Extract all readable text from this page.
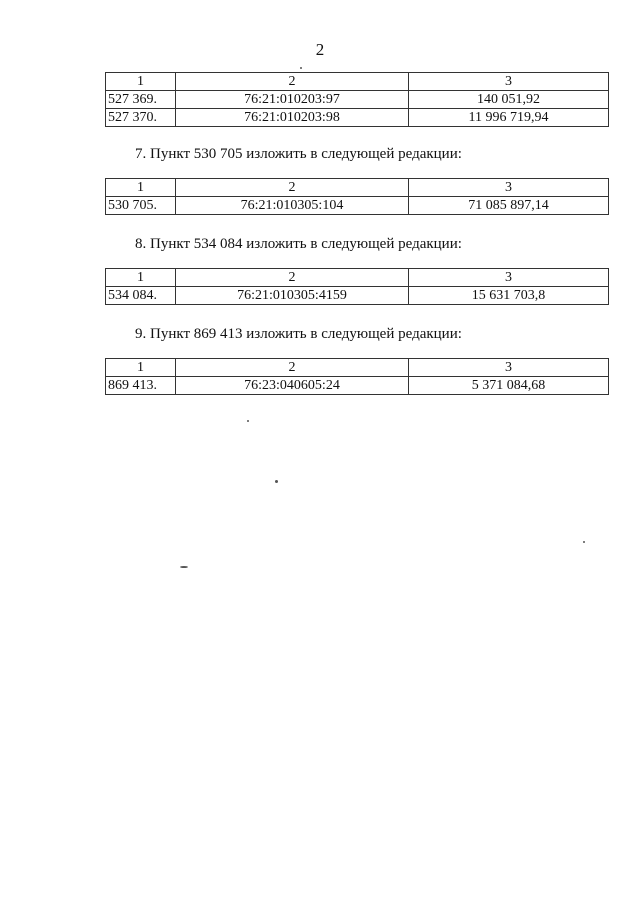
2
1	2	3
527 369.	76:21:010203:97	140 051,92
527 370.	76:21:010203:98	11 996 719,94
7. Пункт 530 705 изложить в следующей редакции:
1	2	3
530 705.	76:21:010305:104	71 085 897,14
8. Пункт 534 084 изложить в следующей редакции:
1	2	3
534 084.	76:21:010305:4159	15 631 703,8
9. Пункт 869 413 изложить в следующей редакции:
1	2	3
869 413.	76:23:040605:24	5 371 084,68
